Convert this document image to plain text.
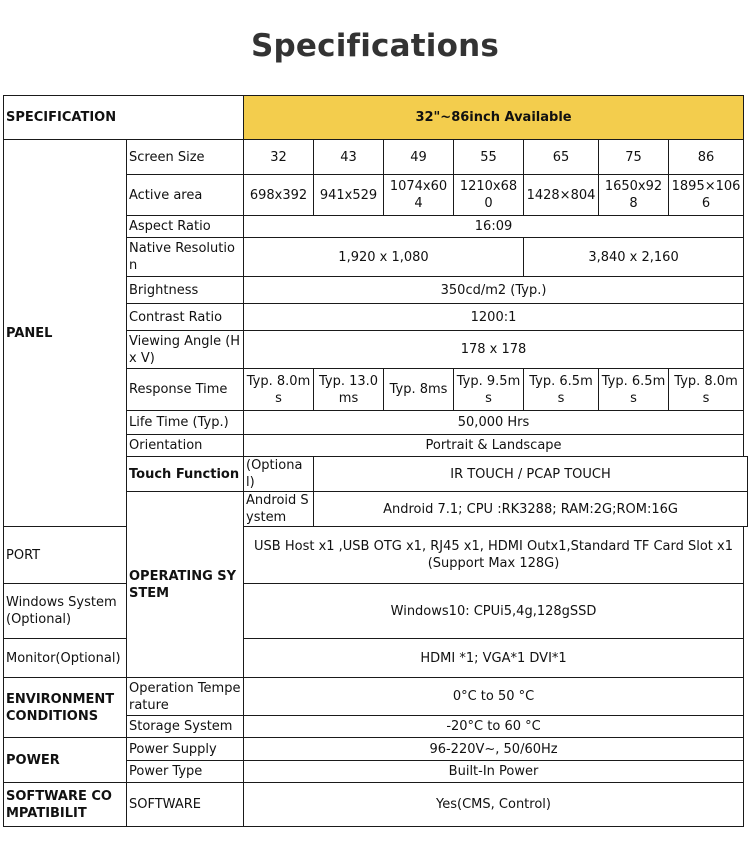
Specifications
SPECIFICATION		32"~86inch Available						
PANEL	Screen Size	32	43	49	55	65	75	86
	Active area	698x392	941x529	1074x604	1210x680	1428×804	1650x928	1895×1066
	Aspect Ratio	16:09						
	Native Resolution	1,920 x 1,080				3,840 x 2,160		
	Brightness	350cd/m2 (Typ.)						
	Contrast Ratio	1200:1						
	Viewing Angle (H x V)	178 x 178						
	Response Time	Typ. 8.0ms	Typ. 13.0ms	Typ. 8ms	Typ. 9.5ms	Typ. 6.5ms	Typ. 6.5ms	Typ. 8.0ms
	Life Time (Typ.)	50,000 Hrs						
	Orientation	Portrait & Landscape						
	Touch Function	(Optional)	IR TOUCH / PCAP TOUCH					
	OPERATING SYSTEM	Android System	Android 7.1; CPU :RK3288; RAM:2G;ROM:16G					
PORT		USB Host x1 ,USB OTG x1, RJ45 x1, HDMI Outx1,Standard TF Card Slot x1 (Support Max 128G)						
Windows System(Optional)		Windows10: CPUi5,4g,128gSSD						
Monitor(Optional)		HDMI *1; VGA*1 DVI*1						
ENVIRONMENT CONDITIONS	Operation Temperature	0°C to 50 °C						
	Storage System	-20°C to 60 °C						
POWER	Power Supply	96-220V~, 50/60Hz						
	Power Type	Built-In Power						
SOFTWARE COMPATIBILIT	SOFTWARE	Yes(CMS, Control)						
